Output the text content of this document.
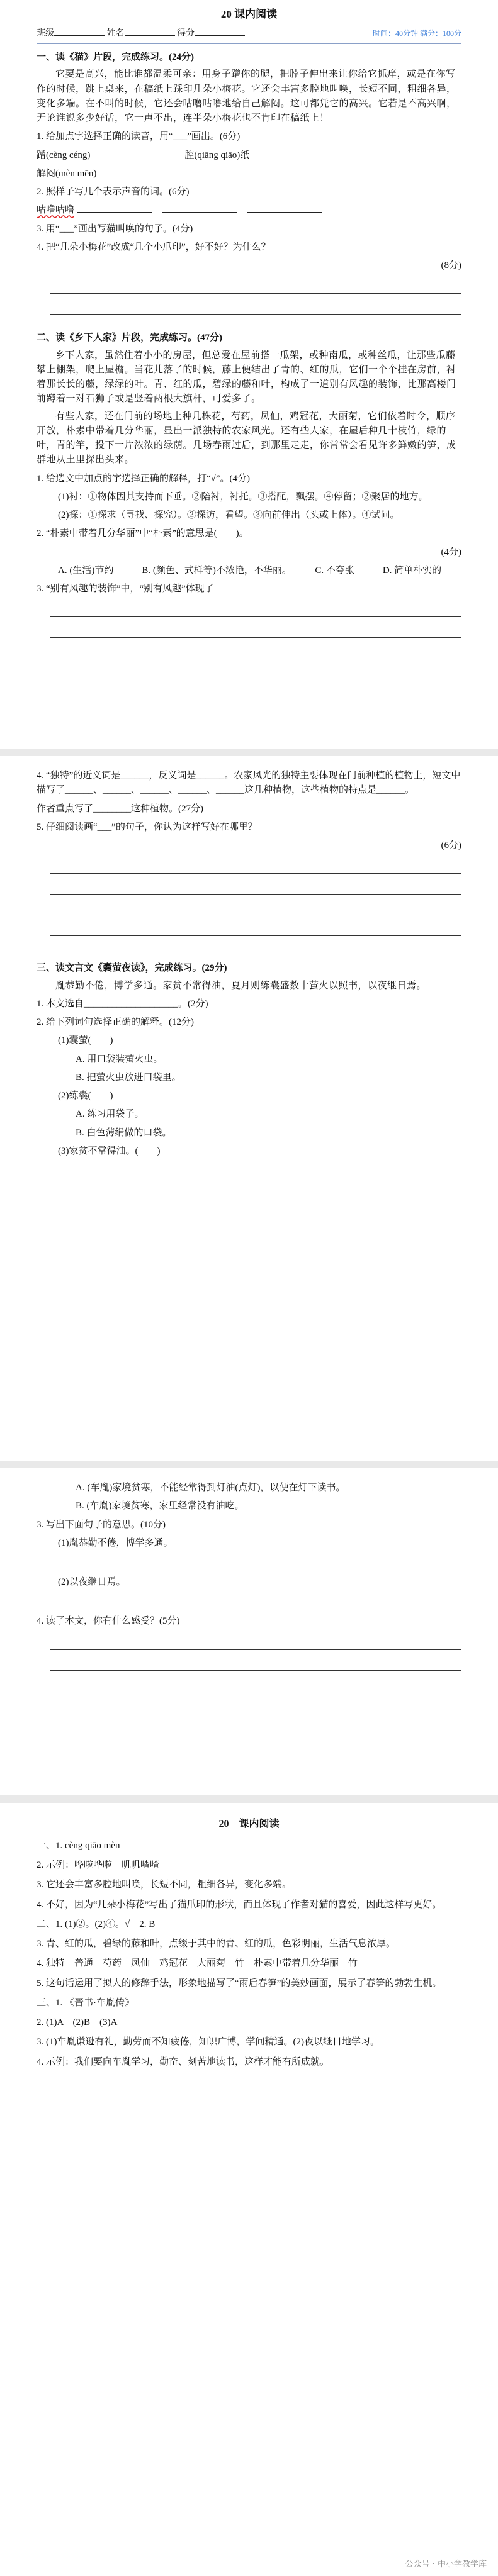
20 课内阅读
班级
	姓名
	得分	时间：40分钟 满分：100分
一、读《猫》片段，完成练习。(24分)
它要是高兴，能比谁都温柔可亲：用身子蹭你的腿，把脖子伸出来让你给它抓痒，或是在你写作的时候，跳上桌来，在稿纸上踩印几朵小梅花。它还会丰富多腔地叫唤，长短不同，粗细各异，变化多端。在不叫的时候，它还会咕噜咕噜地给自己解闷。这可都凭它的高兴。它若是不高兴啊，无论谁说多少好话，它一声不出，连半朵小梅花也不肯印在稿纸上！
1. 给加点字选择正确的读音，用“___”画出。(6分)
蹭(cèng céng)　　　　　　　　　　腔(qiāng qiāo)纸
解闷(mèn mēn)
2. 照样子写几个表示声音的词。(6分)
咕噜咕噜 　　
3. 用“___”画出写猫叫唤的句子。(4分)
4. 把“几朵小梅花”改成“几个小爪印”，好不好？为什么？
(8分)
二、读《乡下人家》片段，完成练习。(47分)
乡下人家，虽然住着小小的房屋，但总爱在屋前搭一瓜架，或种南瓜，或种丝瓜，让那些瓜藤攀上棚架，爬上屋檐。当花儿落了的时候，藤上便结出了青的、红的瓜，它们一个个挂在房前，衬着那长长的藤，绿绿的叶。青、红的瓜，碧绿的藤和叶，构成了一道别有风趣的装饰，比那高楼门前蹲着一对石狮子或是竖着两根大旗杆，可爱多了。
有些人家，还在门前的场地上种几株花，芍药，凤仙，鸡冠花，大丽菊，它们依着时令，顺序开放，朴素中带着几分华丽，显出一派独特的农家风光。还有些人家，在屋后种几十枝竹，绿的叶，青的竿，投下一片浓浓的绿荫。几场春雨过后，到那里走走，你常常会看见许多鲜嫩的笋，成群地从土里探出头来。
1. 给选文中加点的字选择正确的解释，打“√”。(4分)
(1)衬：①物体因其支持而下垂。②陪衬，衬托。③搭配，飘摆。④停留；②聚居的地方。
(2)探：①探求（寻找、探究）。②探访，看望。③向前伸出（头或上体）。④试问。
2. “朴素中带着几分华丽”中“朴素”的意思是(　　)。
(4分)
A. (生活)节约　　　B. (颜色、式样等)不浓艳，不华丽。　　　C. 不夸张　　　D. 简单朴实的
3. “别有风趣的装饰”中，“别有风趣”体现了
4. “独特”的近义词是______，反义词是______。农家风光的独特主要体现在门前种植的植物上，短文中描写了______、______、______、______、______这几种植物，这些植物的特点是______。
作者重点写了________这种植物。(27分)
5. 仔细阅读画“___”的句子，你认为这样写好在哪里？
(6分)
三、读文言文《囊萤夜读》，完成练习。(29分)
胤恭勤不倦，博学多通。家贫不常得油，夏月则练囊盛数十萤火以照书，以夜继日焉。
1. 本文选自____________________。(2分)
2. 给下列词句选择正确的解释。(12分)
(1)囊萤(　　)
A. 用口袋装萤火虫。
B. 把萤火虫放进口袋里。
(2)练囊(　　)
A. 练习用袋子。
B. 白色薄绢做的口袋。
(3)家贫不常得油。(　　)
A. (车胤)家境贫寒，不能经常得到灯油(点灯)，以便在灯下读书。
B. (车胤)家境贫寒，家里经常没有油吃。
3. 写出下面句子的意思。(10分)
(1)胤恭勤不倦，博学多通。
(2)以夜继日焉。
4. 读了本文，你有什么感受？(5分)
20　课内阅读
一、1. cèng qiāo mèn
2. 示例：哗啦哗啦　叽叽喳喳
3. 它还会丰富多腔地叫唤，长短不同，粗细各异，变化多端。
4. 不好，因为“几朵小梅花”写出了猫爪印的形状，而且体现了作者对猫的喜爱，因此这样写更好。
二、1. (1)②。(2)④。√　2. B
3. 青、红的瓜，碧绿的藤和叶，点缀于其中的青、红的瓜，色彩明丽，生活气息浓厚。
4. 独特　普通　芍药　凤仙　鸡冠花　大丽菊　竹　朴素中带着几分华丽　竹
5. 这句话运用了拟人的修辞手法，形象地描写了“雨后春笋”的美妙画面，展示了春笋的勃勃生机。
三、1. 《晋书·车胤传》
2. (1)A　(2)B　(3)A
3. (1)车胤谦逊有礼，勤劳而不知疲倦，知识广博，学问精通。(2)夜以继日地学习。
4. 示例：我们要向车胤学习，勤奋、刻苦地读书，这样才能有所成就。
公众号 · 中小学教学库
